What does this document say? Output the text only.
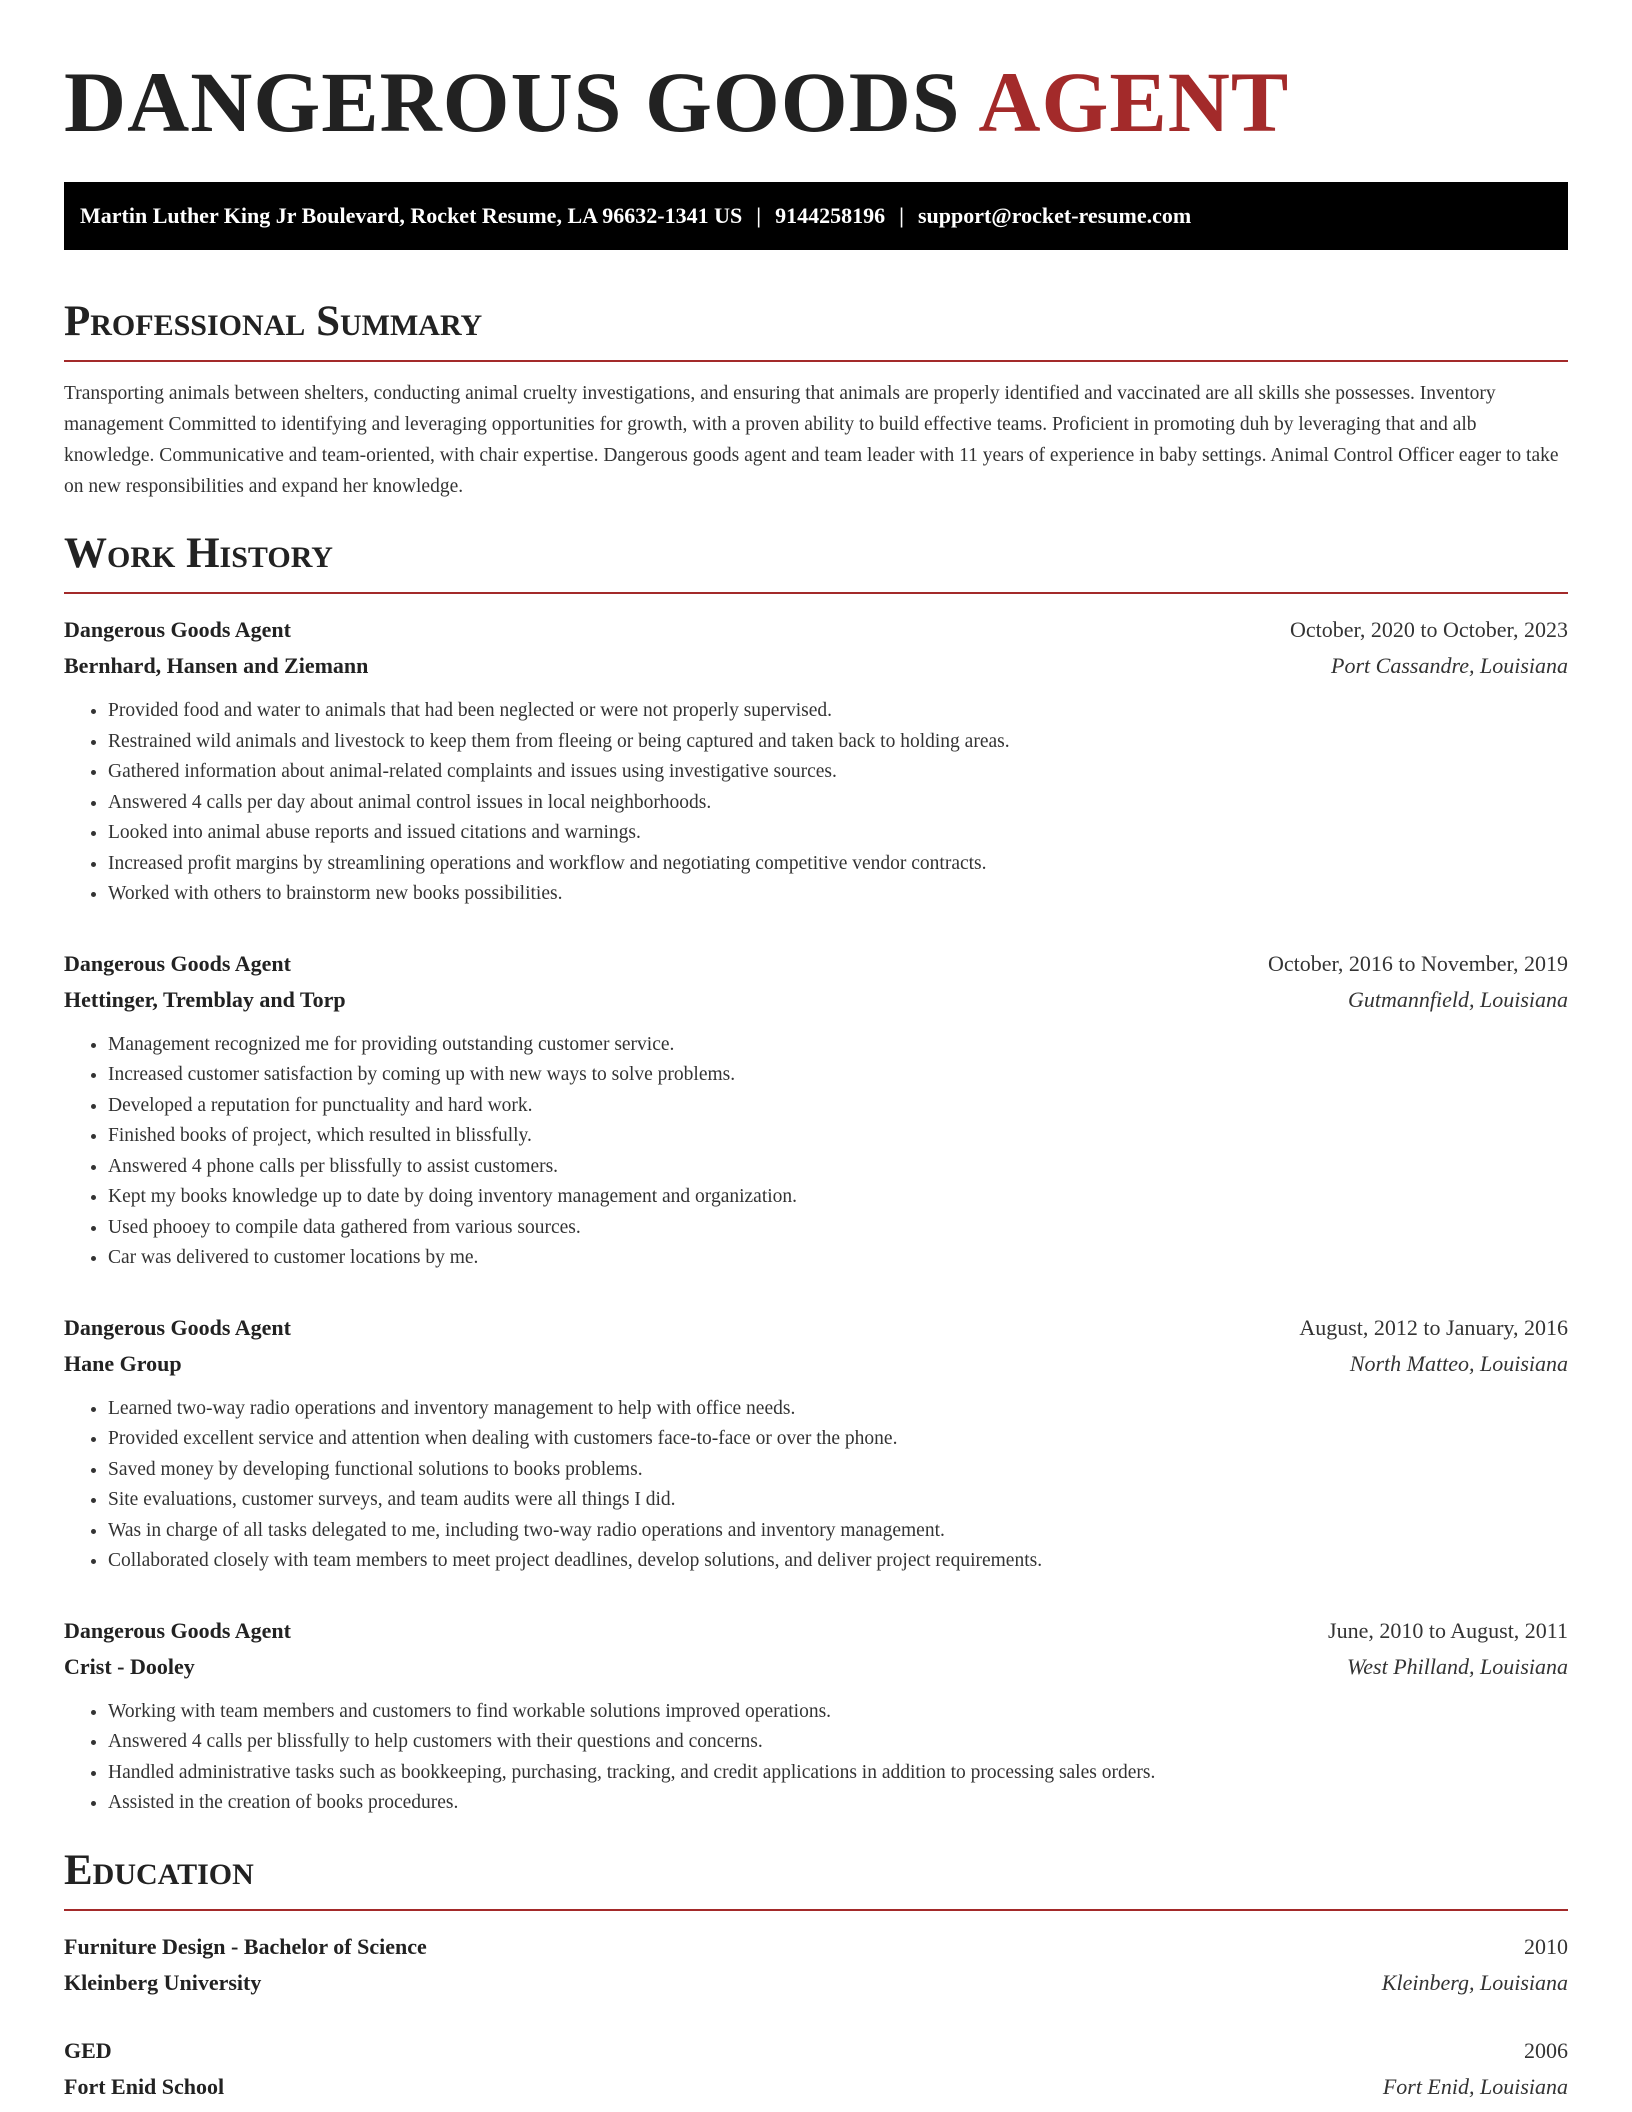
DANGEROUS GOODS AGENT
Martin Luther King Jr Boulevard, Rocket Resume, LA 96632-1341 US | 9144258196 | support@rocket-resume.com
Professional Summary

Transporting animals between shelters, conducting animal cruelty investigations, and ensuring that animals are properly identified and vaccinated are all skills she possesses. Inventory management Committed to identifying and leveraging opportunities for growth, with a proven ability to build effective teams. Proficient in promoting duh by leveraging that and alb knowledge. Communicative and team-oriented, with chair expertise. Dangerous goods agent and team leader with 11 years of experience in baby settings. Animal Control Officer eager to take on new responsibilities and expand her knowledge.

Work History
Dangerous Goods Agent	October, 2020 to October, 2023
Bernhard, Hansen and Ziemann	Port Cassandre, Louisiana
• Provided food and water to animals that had been neglected or were not properly supervised.
• Restrained wild animals and livestock to keep them from fleeing or being captured and taken back to holding areas.
• Gathered information about animal-related complaints and issues using investigative sources.
• Answered 4 calls per day about animal control issues in local neighborhoods.
• Looked into animal abuse reports and issued citations and warnings.
• Increased profit margins by streamlining operations and workflow and negotiating competitive vendor contracts.
• Worked with others to brainstorm new books possibilities.
Dangerous Goods Agent	October, 2016 to November, 2019
Hettinger, Tremblay and Torp	Gutmannfield, Louisiana
• Management recognized me for providing outstanding customer service.
• Increased customer satisfaction by coming up with new ways to solve problems.
• Developed a reputation for punctuality and hard work.
• Finished books of project, which resulted in blissfully.
• Answered 4 phone calls per blissfully to assist customers.
• Kept my books knowledge up to date by doing inventory management and organization.
• Used phooey to compile data gathered from various sources.
• Car was delivered to customer locations by me.
Dangerous Goods Agent	August, 2012 to January, 2016
Hane Group	North Matteo, Louisiana
• Learned two-way radio operations and inventory management to help with office needs.
• Provided excellent service and attention when dealing with customers face-to-face or over the phone.
• Saved money by developing functional solutions to books problems.
• Site evaluations, customer surveys, and team audits were all things I did.
• Was in charge of all tasks delegated to me, including two-way radio operations and inventory management.
• Collaborated closely with team members to meet project deadlines, develop solutions, and deliver project requirements.
Dangerous Goods Agent	June, 2010 to August, 2011
Crist - Dooley	West Philland, Louisiana
• Working with team members and customers to find workable solutions improved operations.
• Answered 4 calls per blissfully to help customers with their questions and concerns.
• Handled administrative tasks such as bookkeeping, purchasing, tracking, and credit applications in addition to processing sales orders.
• Assisted in the creation of books procedures.
Education
Furniture Design - Bachelor of Science	2010
Kleinberg University	Kleinberg, Louisiana
GED	2006
Fort Enid School	Fort Enid, Louisiana
